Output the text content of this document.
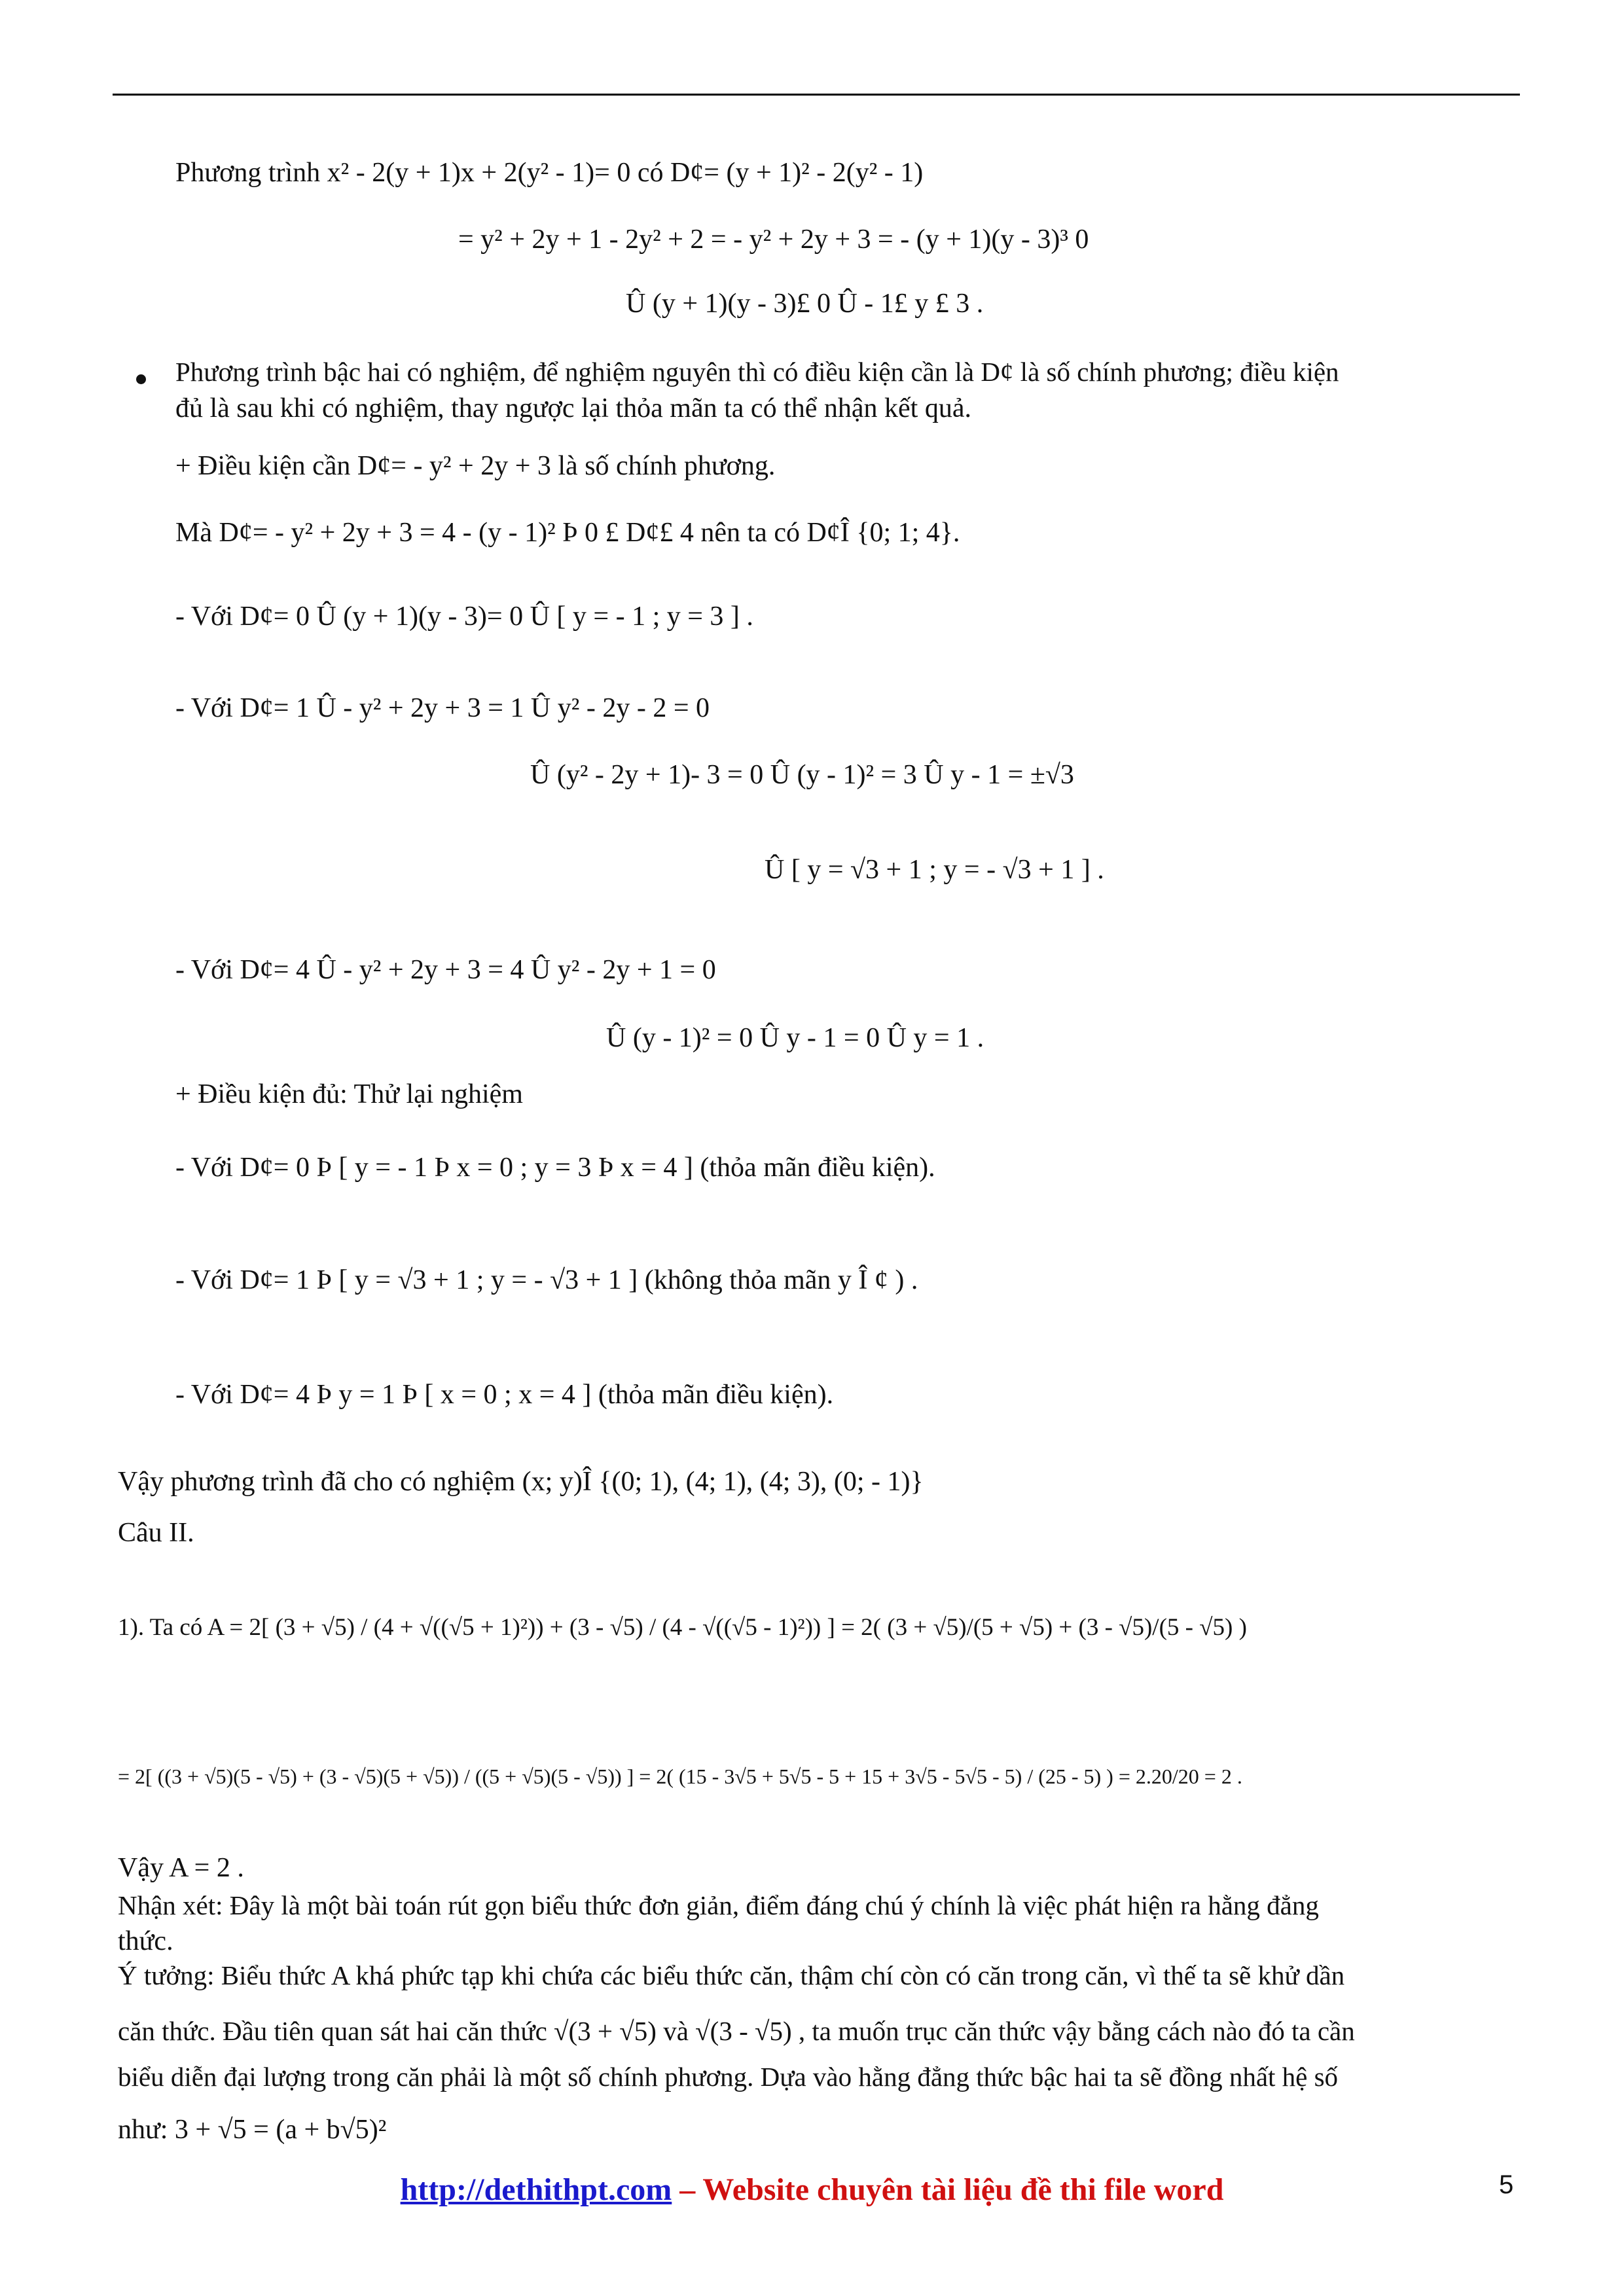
Phương trình x² - 2(y + 1)x + 2(y² - 1)= 0 có D¢= (y + 1)² - 2(y² - 1)
= y² + 2y + 1 - 2y² + 2 = - y² + 2y + 3 = - (y + 1)(y - 3)³ 0
Û (y + 1)(y - 3)£ 0 Û - 1£ y £ 3 .
Phương trình bậc hai có nghiệm, để nghiệm nguyên thì có điều kiện cần là D¢ là số chính phương; điều kiện
đủ là sau khi có nghiệm, thay ngược lại thỏa mãn ta có thể nhận kết quả.
+ Điều kiện cần D¢= - y² + 2y + 3 là số chính phương.
Mà D¢= - y² + 2y + 3 = 4 - (y - 1)² Þ 0 £ D¢£ 4 nên ta có D¢Î {0; 1; 4}.
- Với D¢= 0 Û (y + 1)(y - 3)= 0 Û [ y = - 1 ; y = 3 ] .
- Với D¢= 1 Û - y² + 2y + 3 = 1 Û y² - 2y - 2 = 0
Û (y² - 2y + 1)- 3 = 0 Û (y - 1)² = 3 Û y - 1 = ±√3
Û [ y = √3 + 1 ; y = - √3 + 1 ] .
- Với D¢= 4 Û - y² + 2y + 3 = 4 Û y² - 2y + 1 = 0
Û (y - 1)² = 0 Û y - 1 = 0 Û y = 1 .
+ Điều kiện đủ: Thử lại nghiệm
- Với D¢= 0 Þ [ y = - 1 Þ x = 0 ; y = 3 Þ x = 4 ] (thỏa mãn điều kiện).
- Với D¢= 1 Þ [ y = √3 + 1 ; y = - √3 + 1 ] (không thỏa mãn y Î ¢ ) .
- Với D¢= 4 Þ y = 1 Þ [ x = 0 ; x = 4 ] (thỏa mãn điều kiện).
Vậy phương trình đã cho có nghiệm (x; y)Î {(0; 1), (4; 1), (4; 3), (0; - 1)}
Câu II.
1). Ta có A = 2[ (3 + √5) / (4 + √((√5 + 1)²)) + (3 - √5) / (4 - √((√5 - 1)²)) ] = 2( (3 + √5)/(5 + √5) + (3 - √5)/(5 - √5) )
= 2[ ((3 + √5)(5 - √5) + (3 - √5)(5 + √5)) / ((5 + √5)(5 - √5)) ] = 2( (15 - 3√5 + 5√5 - 5 + 15 + 3√5 - 5√5 - 5) / (25 - 5) ) = 2.20/20 = 2 .
Vậy A = 2 .
Nhận xét: Đây là một bài toán rút gọn biểu thức đơn giản, điểm đáng chú ý chính là việc phát hiện ra hằng đẳng
thức.
Ý tưởng: Biểu thức A khá phức tạp khi chứa các biểu thức căn, thậm chí còn có căn trong căn, vì thế ta sẽ khử dần
căn thức. Đầu tiên quan sát hai căn thức √(3 + √5) và √(3 - √5) , ta muốn trục căn thức vậy bằng cách nào đó ta cần
biểu diễn đại lượng trong căn phải là một số chính phương. Dựa vào hằng đẳng thức bậc hai ta sẽ đồng nhất hệ số
như: 3 + √5 = (a + b√5)²
http://dethithpt.com – Website chuyên tài liệu đề thi file word	5
